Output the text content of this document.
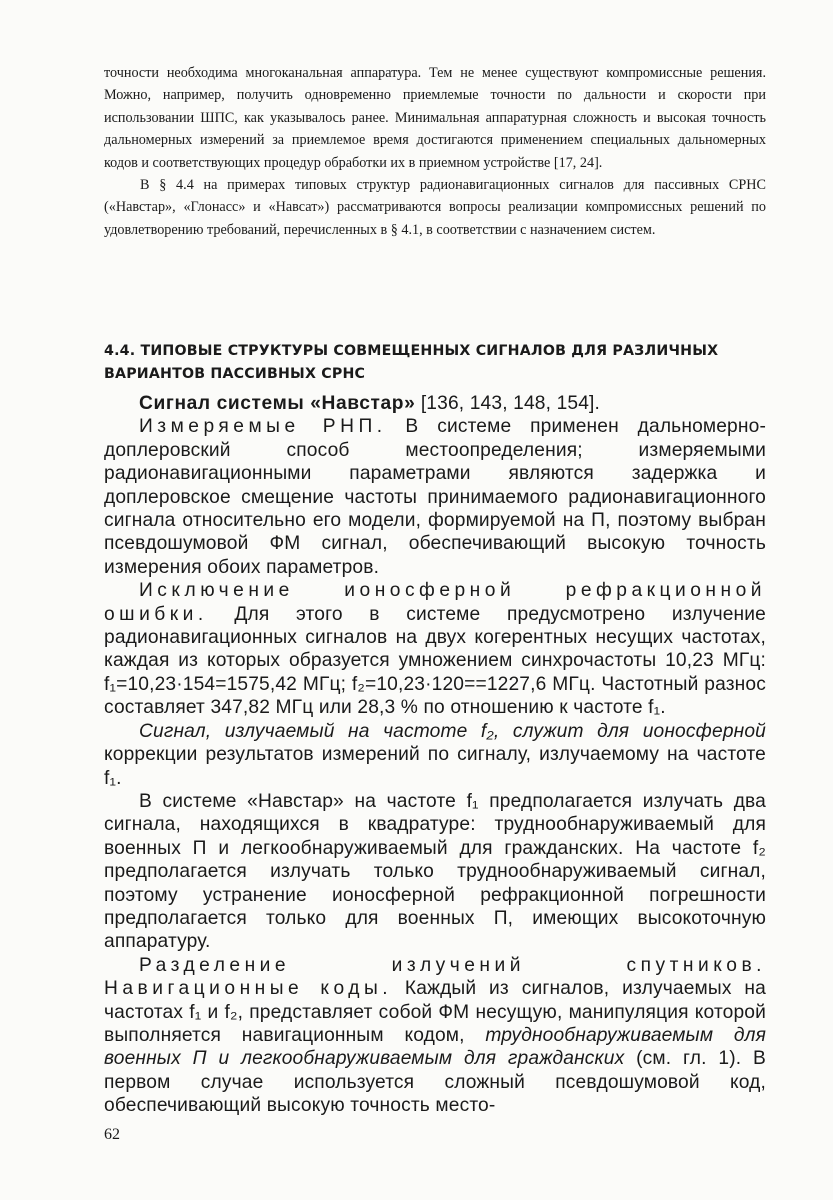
точности необходима многоканальная аппаратура. Тем не менее существуют компромиссные решения. Можно, например, получить одновременно приемлемые точности по дальности и скорости при использовании ШПС, как указывалось ранее. Минимальная аппаратурная сложность и высокая точность дальномерных измерений за приемлемое время достигаются применением специальных дальномерных кодов и соответствующих процедур обработки их в приемном устройстве [17, 24].

В § 4.4 на примерах типовых структур радионавигационных сигналов для пассивных СРНС («Навстар», «Глонасс» и «Навсат») рассматриваются вопросы реализации компромиссных решений по удовлетворению требований, перечисленных в § 4.1, в соответствии с назначением систем.

4.4. ТИПОВЫЕ СТРУКТУРЫ СОВМЕЩЕННЫХ СИГНАЛОВ ДЛЯ РАЗЛИЧНЫХ ВАРИАНТОВ ПАССИВНЫХ СРНС

Сигнал системы «Навстар» [136, 143, 148, 154].

Измеряемые РНП. В системе применен дальномерно-доплеровский способ местоопределения; измеряемыми радионавигационными параметрами являются задержка и доплеровское смещение частоты принимаемого радионавигационного сигнала относительно его модели, формируемой на П, поэтому выбран псевдошумовой ФМ сигнал, обеспечивающий высокую точность измерения обоих параметров.

Исключение ионосферной рефракционной ошибки. Для этого в системе предусмотрено излучение радионавигационных сигналов на двух когерентных несущих частотах, каждая из которых образуется умножением синхрочастоты 10,23 МГц: f₁=10,23·154=1575,42 МГц; f₂=10,23·120==1227,6 МГц. Частотный разнос составляет 347,82 МГц или 28,3 % по отношению к частоте f₁.

Сигнал, излучаемый на частоте f₂, служит для ионосферной коррекции результатов измерений по сигналу, излучаемому на частоте f₁.

В системе «Навстар» на частоте f₁ предполагается излучать два сигнала, находящихся в квадратуре: труднообнаруживаемый для военных П и легкообнаруживаемый для гражданских. На частоте f₂ предполагается излучать только труднообнаруживаемый сигнал, поэтому устранение ионосферной рефракционной погрешности предполагается только для военных П, имеющих высокоточную аппаратуру.

Разделение излучений спутников. Навигационные коды. Каждый из сигналов, излучаемых на частотах f₁ и f₂, представляет собой ФМ несущую, манипуляция которой выполняется навигационным кодом, труднообнаруживаемым для военных П и легкообнаруживаемым для гражданских (см. гл. 1). В первом случае используется сложный псевдошумовой код, обеспечивающий высокую точность место-

62
